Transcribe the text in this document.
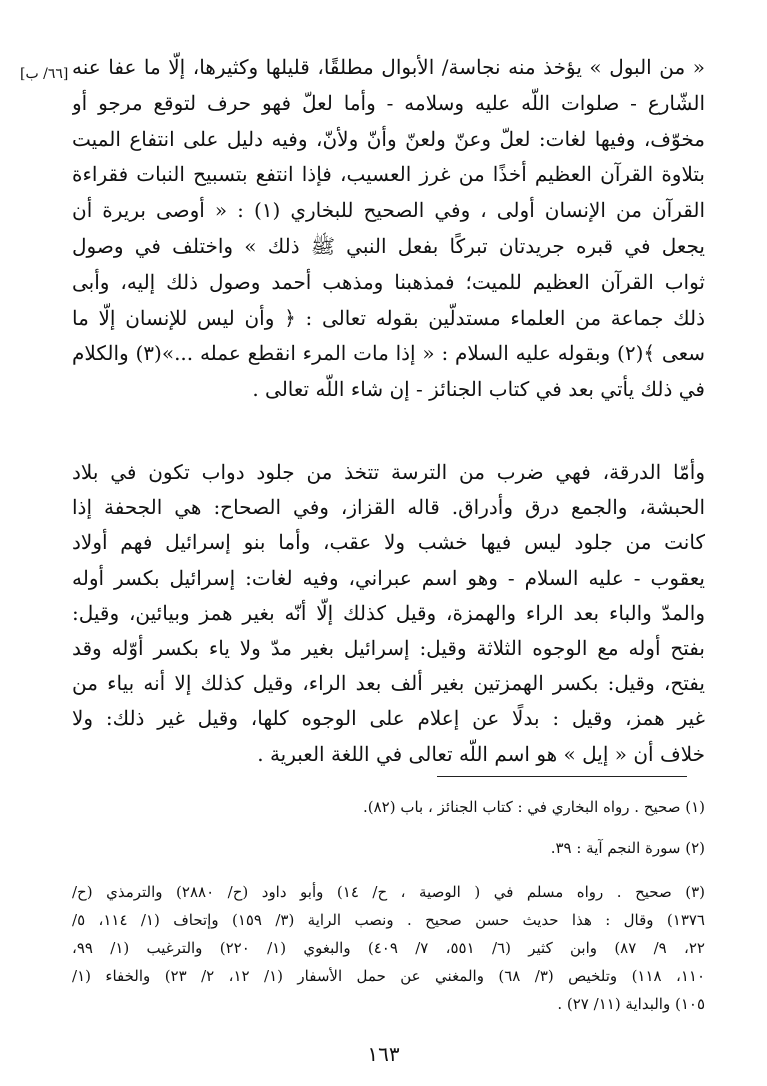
[٦٦/ ب] « من البول » يؤخذ منه نجاسة/ الأبوال مطلقًا، قليلها وكثيرها، إلّا ما عفا عنه
الشّارع - صلوات اللّه عليه وسلامه - وأما لعلّ فهو حرف لتوقع مرجو أو
مخوّف، وفيها لغات: لعلّ وعنّ ولعنّ وأنّ ولأنّ، وفيه دليل على انتفاع الميت
بتلاوة القرآن العظيم أخذًا من غرز العسيب، فإذا انتفع بتسبيح النبات فقراءة
القرآن من الإنسان أولى ، وفي الصحيح للبخاري (١) : « أوصى بريرة أن
يجعل في قبره جريدتان تبركًا بفعل النبي ﷺ ذلك » واختلف في وصول
ثواب القرآن العظيم للميت؛ فمذهبنا ومذهب أحمد وصول ذلك إليه، وأبى
ذلك جماعة من العلماء مستدلّين بقوله تعالى : ﴿ وأن ليس للإنسان إلّا ما
سعى ﴾(٢) وبقوله عليه السلام : « إذا مات المرء انقطع عمله ...»(٣) والكلام
في ذلك يأتي بعد في كتاب الجنائز - إن شاء اللّه تعالى .
وأمّا الدرقة، فهي ضرب من الترسة تتخذ من جلود دواب تكون في بلاد
الحبشة، والجمع درق وأدراق. قاله القزاز، وفي الصحاح: هي الجحفة إذا
كانت من جلود ليس فيها خشب ولا عقب، وأما بنو إسرائيل فهم أولاد
يعقوب - عليه السلام - وهو اسم عبراني، وفيه لغات: إسرائيل بكسر أوله
والمدّ والباء بعد الراء والهمزة، وقيل كذلك إلّا أنّه بغير همز وبيائين، وقيل:
بفتح أوله مع الوجوه الثلاثة وقيل: إسرائيل بغير مدّ ولا ياء بكسر أوّله وقد
يفتح، وقيل: بكسر الهمزتين بغير ألف بعد الراء، وقيل كذلك إلا أنه بياء من
غير همز، وقيل : بدلًا عن إعلام على الوجوه كلها، وقيل غير ذلك: ولا
خلاف أن « إيل » هو اسم اللّه تعالى في اللغة العبرية .
(١) صحيح . رواه البخاري في : كتاب الجنائز ، باب (٨٢).
(٢) سورة النجم آية : ٣٩.
(٣) صحيح . رواه مسلم في ( الوصية ، ح/ ١٤) وأبو داود (ح/ ٢٨٨٠) والترمذي (ح/
١٣٧٦) وقال : هذا حديث حسن صحيح . ونصب الراية (٣/ ١٥٩) وإتحاف (١/ ١١٤، ٥/
٢٢، ٩/ ٨٧) وابن كثير (٦/ ٥٥١، ٧/ ٤٠٩) والبغوي (١/ ٢٢٠) والترغيب (١/ ٩٩،
١١٠، ١١٨) وتلخيص (٣/ ٦٨) والمغني عن حمل الأسفار (١/ ١٢، ٢/ ٢٣) والخفاء (١/
١٠٥) والبداية (١١/ ٢٧) .
١٦٣
